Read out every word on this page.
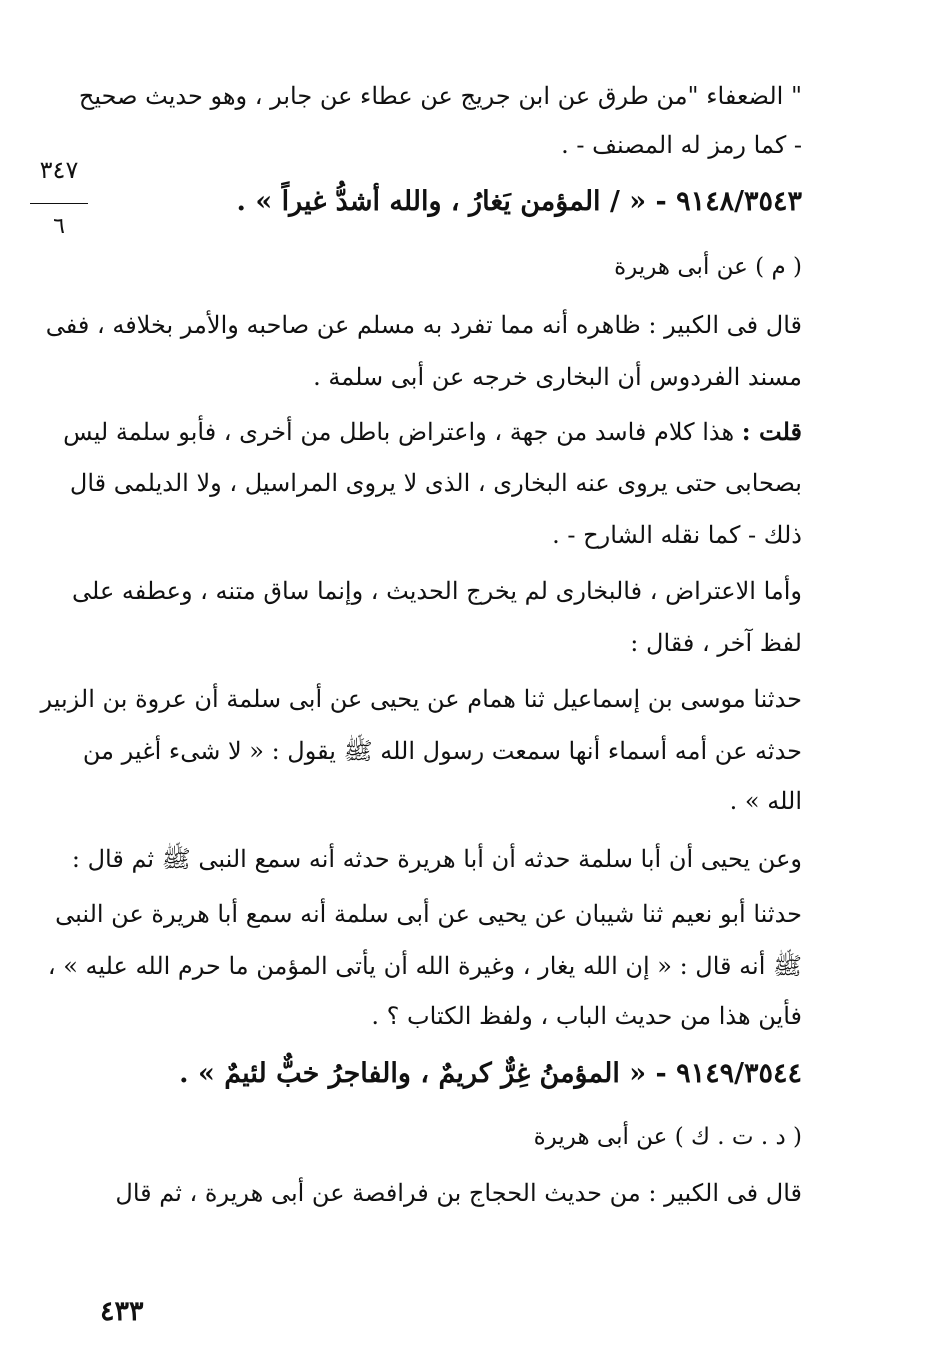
٣٤٧
٦
" الضعفاء "من طرق عن ابن جريج عن عطاء عن جابر ، وهو حديث صحيح
- كما رمز له المصنف - .
٩١٤٨/٣٥٤٣ - « / المؤمن يَغارُ ، والله أشدُّ غيراً » .
( م ) عن أبى هريرة
قال فى الكبير : ظاهره أنه مما تفرد به مسلم عن صاحبه والأمر بخلافه ، ففى
مسند الفردوس أن البخارى خرجه عن أبى سلمة .
قلت : هذا كلام فاسد من جهة ، واعتراض باطل من أخرى ، فأبو سلمة ليس
بصحابى حتى يروى عنه البخارى ، الذى لا يروى المراسيل ، ولا الديلمى قال
ذلك - كما نقله الشارح - .
وأما الاعتراض ، فالبخارى لم يخرج الحديث ، وإنما ساق متنه ، وعطفه على
لفظ آخر ، فقال :
حدثنا موسى بن إسماعيل ثنا همام عن يحيى عن أبى سلمة أن عروة بن الزبير
حدثه عن أمه أسماء أنها سمعت رسول الله ﷺ يقول : « لا شىء أغير من
الله » .
وعن يحيى أن أبا سلمة حدثه أن أبا هريرة حدثه أنه سمع النبى ﷺ ثم قال :
حدثنا أبو نعيم ثنا شيبان عن يحيى عن أبى سلمة أنه سمع أبا هريرة عن النبى
ﷺ أنه قال : « إن الله يغار ، وغيرة الله أن يأتى المؤمن ما حرم الله عليه » ،
فأين هذا من حديث الباب ، ولفظ الكتاب ؟ .
٩١٤٩/٣٥٤٤ - « المؤمنُ غِرٌّ كريمٌ ، والفاجرُ خبٌّ لئيمٌ » .
( د . ت . ك ) عن أبى هريرة
قال فى الكبير : من حديث الحجاج بن فرافصة عن أبى هريرة ، ثم قال
٤٣٣
